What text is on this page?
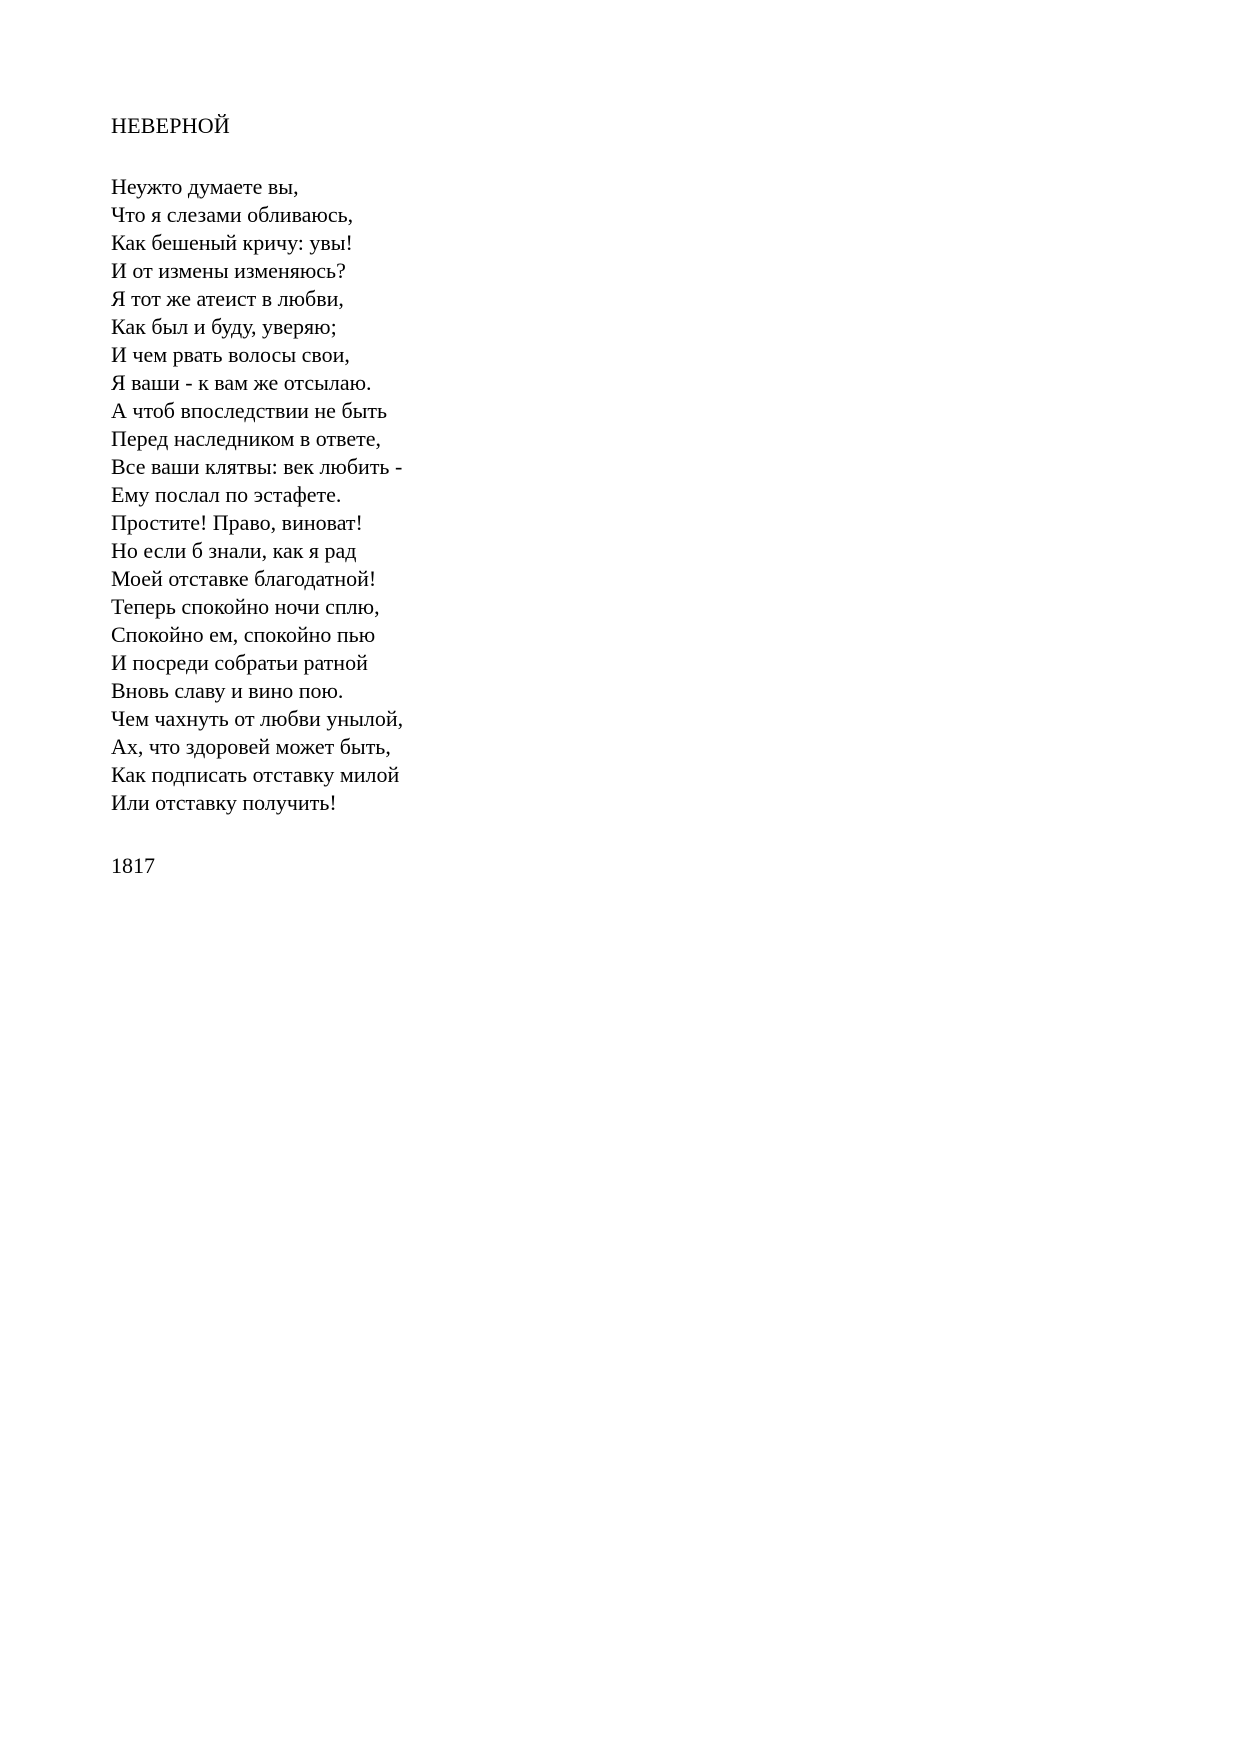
НЕВЕРНОЙ
Неужто думаете вы,
Что я слезами обливаюсь,
Как бешеный кричу: увы!
И от измены изменяюсь?
Я тот же атеист в любви,
Как был и буду, уверяю;
И чем рвать волосы свои,
Я ваши - к вам же отсылаю.
А чтоб впоследствии не быть
Перед наследником в ответе,
Все ваши клятвы: век любить -
Ему послал по эстафете.
Простите! Право, виноват!
Но если б знали, как я рад
Моей отставке благодатной!
Теперь спокойно ночи сплю,
Спокойно ем, спокойно пью
И посреди собратьи ратной
Вновь славу и вино пою.
Чем чахнуть от любви унылой,
Ах, что здоровей может быть,
Как подписать отставку милой
Или отставку получить!

1817
